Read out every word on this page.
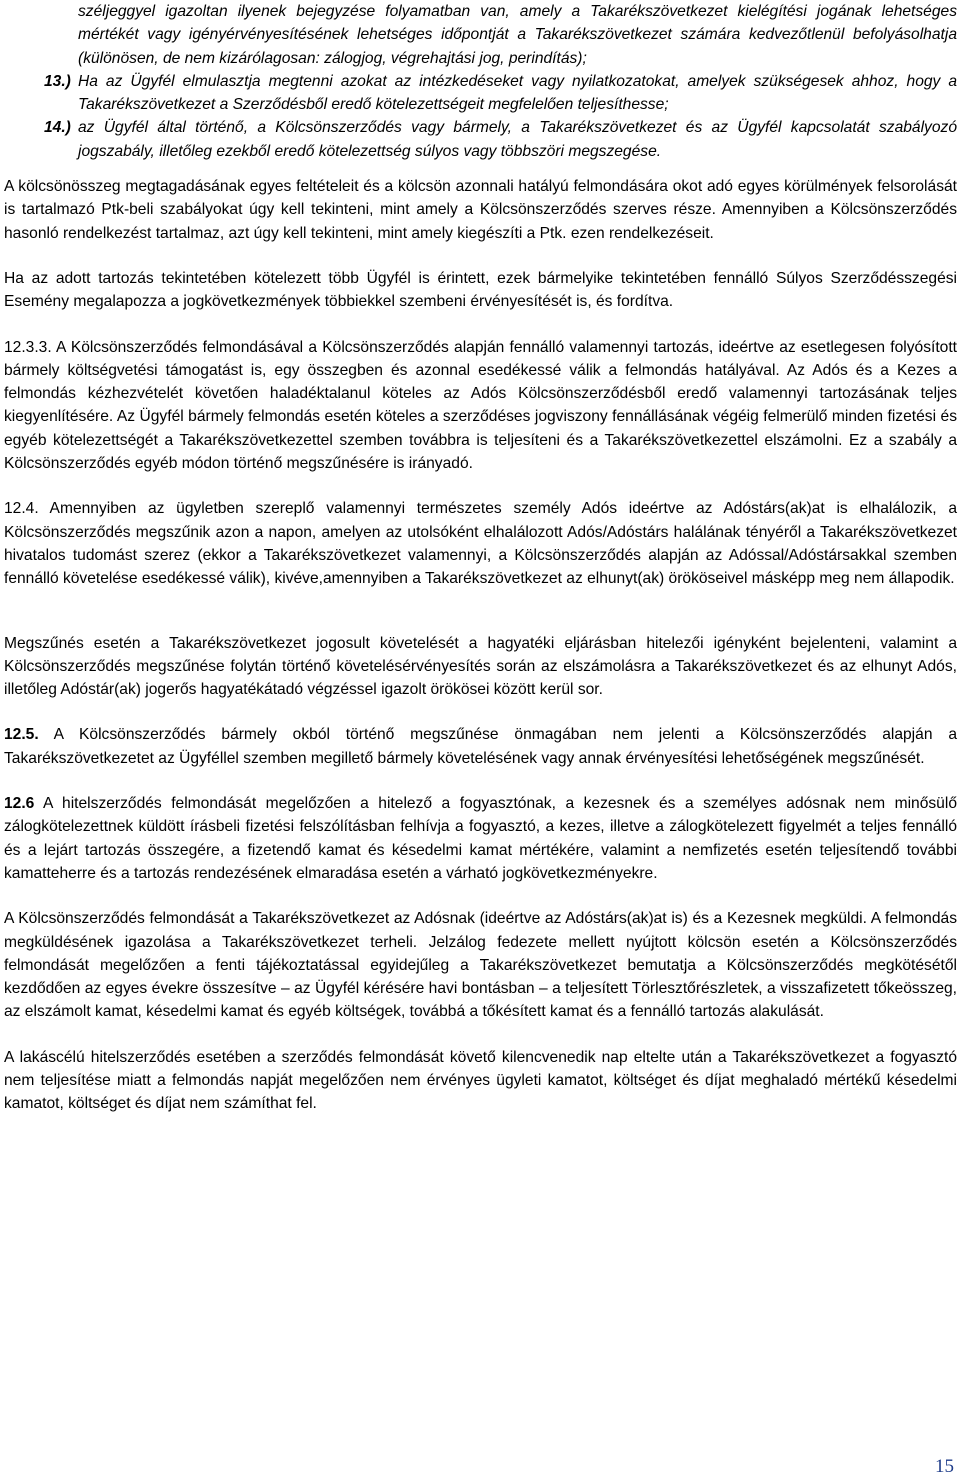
széljeggyel igazoltan ilyenek bejegyzése folyamatban van, amely a Takarékszövetkezet kielégítési jogának lehetséges mértékét vagy igényérvényesítésének lehetséges időpontját a Takarékszövetkezet számára kedvezőtlenül befolyásolhatja (különösen, de nem kizárólagosan: zálogjog, végrehajtási jog, perindítás);

13.) Ha az Ügyfél elmulasztja megtenni azokat az intézkedéseket vagy nyilatkozatokat, amelyek szükségesek ahhoz, hogy a Takarékszövetkezet a Szerződésből eredő kötelezettségeit megfelelően teljesíthesse;

14.) az Ügyfél által történő, a Kölcsönszerződés vagy bármely, a Takarékszövetkezet és az Ügyfél kapcsolatát szabályozó jogszabály, illetőleg ezekből eredő kötelezettség súlyos vagy többszöri megszegése.

A kölcsönösszeg megtagadásának egyes feltételeit és a kölcsön azonnali hatályú felmondására okot adó egyes körülmények felsorolását is tartalmazó Ptk-beli szabályokat úgy kell tekinteni, mint amely a Kölcsönszerződés szerves része. Amennyiben a Kölcsönszerződés hasonló rendelkezést tartalmaz, azt úgy kell tekinteni, mint amely kiegészíti a Ptk. ezen rendelkezéseit.

Ha az adott tartozás tekintetében kötelezett több Ügyfél is érintett, ezek bármelyike tekintetében fennálló Súlyos Szerződésszegési Esemény megalapozza a jogkövetkezmények többiekkel szembeni érvényesítését is, és fordítva.

12.3.3. A Kölcsönszerződés felmondásával a Kölcsönszerződés alapján fennálló valamennyi tartozás, ideértve az esetlegesen folyósított bármely költségvetési támogatást is, egy összegben és azonnal esedékessé válik a felmondás hatályával. Az Adós és a Kezes a felmondás kézhezvételét követően haladéktalanul köteles az Adós Kölcsönszerződésből eredő valamennyi tartozásának teljes kiegyenlítésére. Az Ügyfél bármely felmondás esetén köteles a szerződéses jogviszony fennállásának végéig felmerülő minden fizetési és egyéb kötelezettségét a Takarékszövetkezettel szemben továbbra is teljesíteni és a Takarékszövetkezettel elszámolni. Ez a szabály a Kölcsönszerződés egyéb módon történő megszűnésére is irányadó.

12.4. Amennyiben az ügyletben szereplő valamennyi természetes személy Adós ideértve az Adóstárs(ak)at is elhalálozik, a Kölcsönszerződés megszűnik azon a napon, amelyen az utolsóként elhalálozott Adós/Adóstárs halálának tényéről a Takarékszövetkezet hivatalos tudomást szerez (ekkor a Takarékszövetkezet valamennyi, a Kölcsönszerződés alapján az Adóssal/Adóstársakkal szemben fennálló követelése esedékessé válik), kivéve,amennyiben a Takarékszövetkezet az elhunyt(ak) örököseivel másképp meg nem állapodik.

Megszűnés esetén a Takarékszövetkezet jogosult követelését a hagyatéki eljárásban hitelezői igényként bejelenteni, valamint a Kölcsönszerződés megszűnése folytán történő követelésérvényesítés során az elszámolásra a Takarékszövetkezet és az elhunyt Adós, illetőleg Adóstár(ak) jogerős hagyatékátadó végzéssel igazolt örökösei között kerül sor.

12.5. A Kölcsönszerződés bármely okból történő megszűnése önmagában nem jelenti a Kölcsönszerződés alapján a Takarékszövetkezetet az Ügyféllel szemben megillető bármely követelésének vagy annak érvényesítési lehetőségének megszűnését.

12.6 A hitelszerződés felmondását megelőzően a hitelező a fogyasztónak, a kezesnek és a személyes adósnak nem minősülő zálogkötelezettnek küldött írásbeli fizetési felszólításban felhívja a fogyasztó, a kezes, illetve a zálogkötelezett figyelmét a teljes fennálló és a lejárt tartozás összegére, a fizetendő kamat és késedelmi kamat mértékére, valamint a nemfizetés esetén teljesítendő további kamatteherre és a tartozás rendezésének elmaradása esetén a várható jogkövetkezményekre.

A Kölcsönszerződés felmondását a Takarékszövetkezet az Adósnak (ideértve az Adóstárs(ak)at is) és a Kezesnek megküldi. A felmondás megküldésének igazolása a Takarékszövetkezet terheli. Jelzálog fedezete mellett nyújtott kölcsön esetén a Kölcsönszerződés felmondását megelőzően a fenti tájékoztatással egyidejűleg a Takarékszövetkezet bemutatja a Kölcsönszerződés megkötésétől kezdődően az egyes évekre összesítve – az Ügyfél kérésére havi bontásban – a teljesített Törlesztőrészletek, a visszafizetett tőkeösszeg, az elszámolt kamat, késedelmi kamat és egyéb költségek, továbbá a tőkésített kamat és a fennálló tartozás alakulását.

A lakáscélú hitelszerződés esetében a szerződés felmondását követő kilencvenedik nap eltelte után a Takarékszövetkezet a fogyasztó nem teljesítése miatt a felmondás napját megelőzően nem érvényes ügyleti kamatot, költséget és díjat meghaladó mértékű késedelmi kamatot, költséget és díjat nem számíthat fel.

15
